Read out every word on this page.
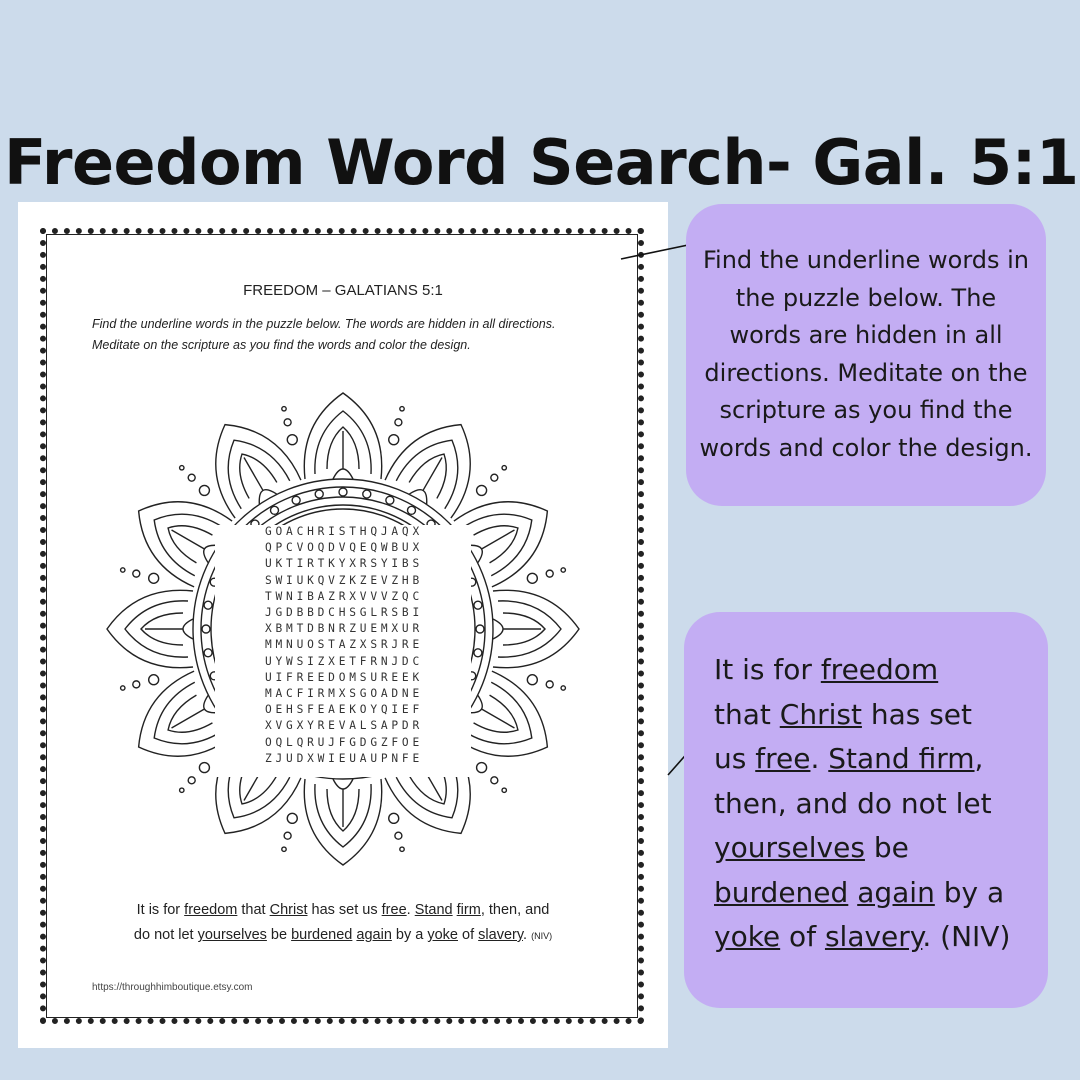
Freedom Word Search- Gal. 5:1
FREEDOM – GALATIANS 5:1
Find the underline words in the puzzle below. The words are hidden in all directions. Meditate on the scripture as you find the words and color the design.
GOACHRISTHQJAQX
QPCVOQDVQEQWBUX
UKTIRTKYXRSYIBS
SWIUKQVZKZEVZHB
TWNIBAZRXVVVZQC
JGDBBDCHSGLRSBI
XBMTDBNRZUEMXUR
MMNUOSTAZXSRJRE
UYWSIZXETFRNJDC
UIFREEDOMSUREEK
MACFIRMXSGOADNE
OEHSFEAEKOYQIEF
XVGXYREVALSAPDR
OQLQRUJFGDGZFOE
ZJUDXWIEUAUPNFE
It is for freedom that Christ has set us free. Stand firm, then, and
do not let yourselves be burdened again by a yoke of slavery. (NIV)
https://throughhimboutique.etsy.com
Find the underline words in
the puzzle below. The
words are hidden in all
directions. Meditate on the
scripture as you find the
words and color the design.
It is for freedom
that Christ has set
us free. Stand firm,
then, and do not let
yourselves be
burdened again by a
yoke of slavery. (NIV)
